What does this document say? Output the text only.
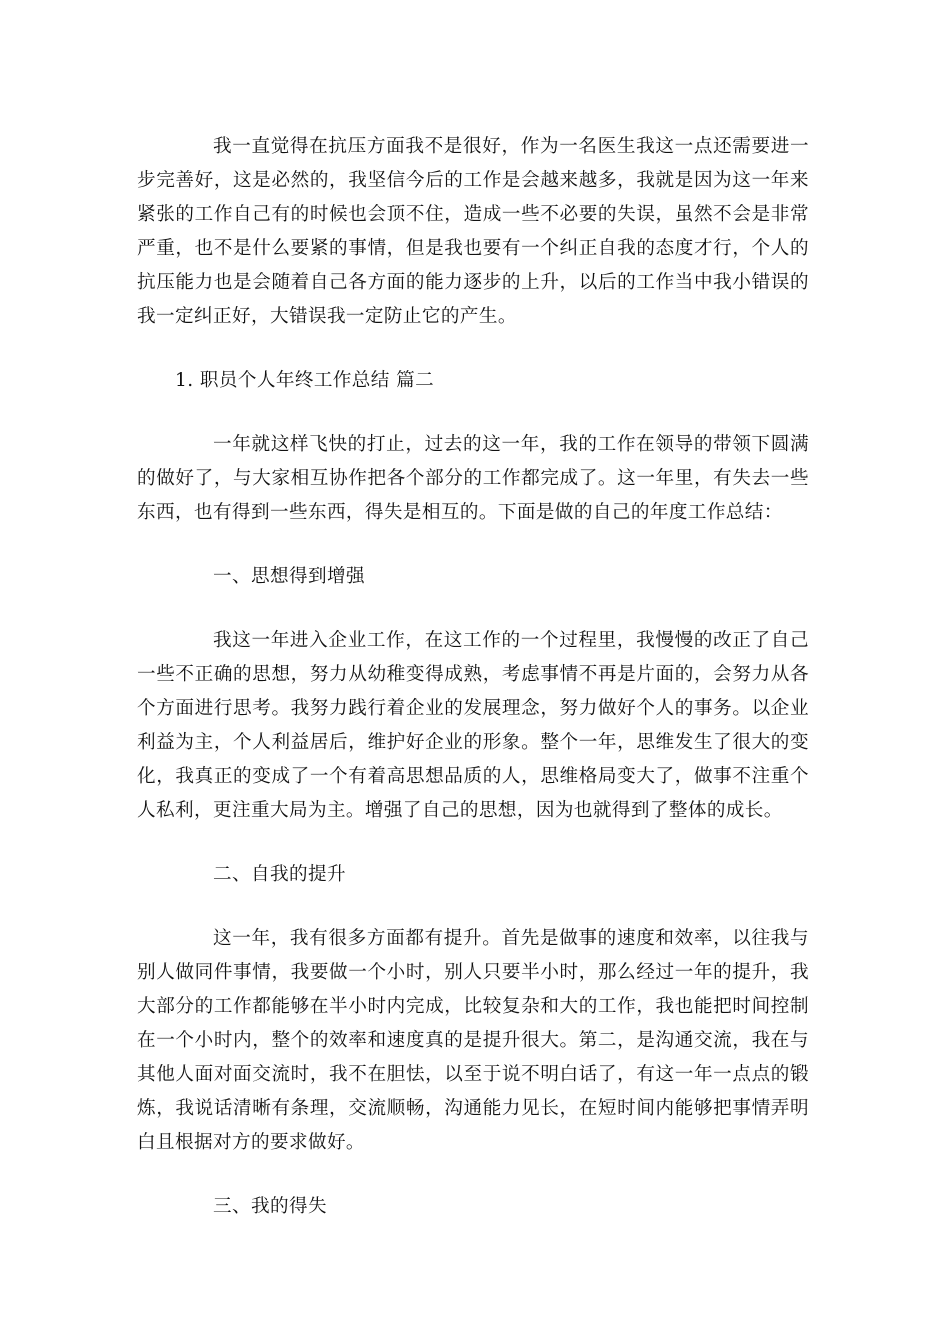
我一直觉得在抗压方面我不是很好，作为一名医生我这一点还需要进一步完善好，这是必然的，我坚信今后的工作是会越来越多，我就是因为这一年来紧张的工作自己有的时候也会顶不住，造成一些不必要的失误，虽然不会是非常严重，也不是什么要紧的事情，但是我也要有一个纠正自我的态度才行，个人的抗压能力也是会随着自己各方面的能力逐步的上升，以后的工作当中我小错误的我一定纠正好，大错误我一定防止它的产生。

1. 职员个人年终工作总结 篇二

一年就这样飞快的打止，过去的这一年，我的工作在领导的带领下圆满的做好了，与大家相互协作把各个部分的工作都完成了。这一年里，有失去一些东西，也有得到一些东西，得失是相互的。下面是做的自己的年度工作总结：

一、思想得到增强

我这一年进入企业工作，在这工作的一个过程里，我慢慢的改正了自己一些不正确的思想，努力从幼稚变得成熟，考虑事情不再是片面的，会努力从各个方面进行思考。我努力践行着企业的发展理念，努力做好个人的事务。以企业利益为主，个人利益居后，维护好企业的形象。整个一年，思维发生了很大的变化，我真正的变成了一个有着高思想品质的人，思维格局变大了，做事不注重个人私利，更注重大局为主。增强了自己的思想，因为也就得到了整体的成长。

二、自我的提升

这一年，我有很多方面都有提升。首先是做事的速度和效率，以往我与别人做同件事情，我要做一个小时，别人只要半小时，那么经过一年的提升，我大部分的工作都能够在半小时内完成，比较复杂和大的工作，我也能把时间控制在一个小时内，整个的效率和速度真的是提升很大。第二，是沟通交流，我在与其他人面对面交流时，我不在胆怯，以至于说不明白话了，有这一年一点点的锻炼，我说话清晰有条理，交流顺畅，沟通能力见长，在短时间内能够把事情弄明白且根据对方的要求做好。

三、我的得失
